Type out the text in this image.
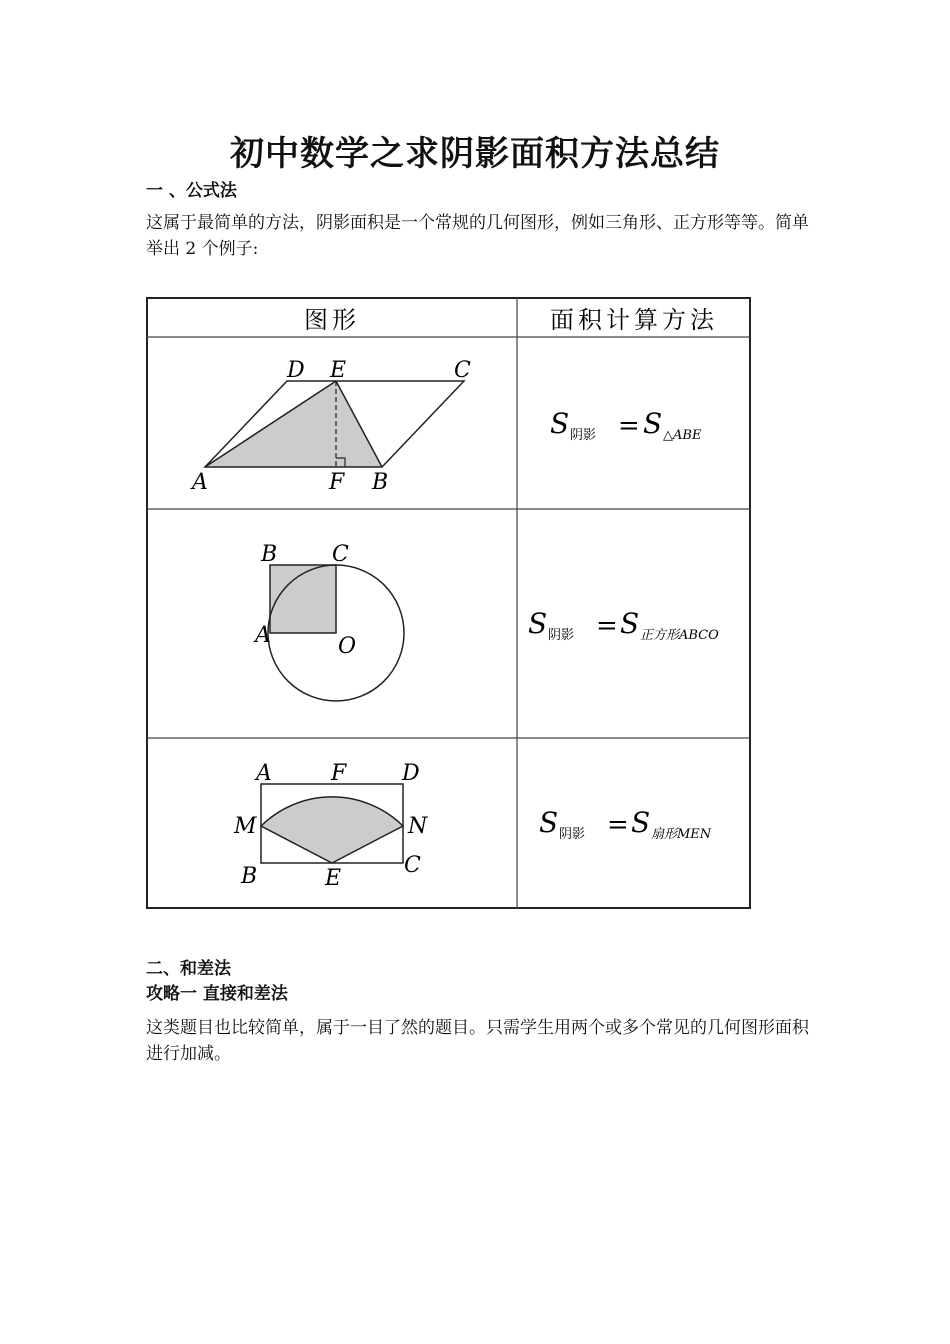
初中数学之求阴影面积方法总结
一 、公式法
这属于最简单的方法，阴影面积是一个常规的几何图形，例如三角形、正方形等等。简单举出 2 个例子:
图形	面积计算方法
D E	C
A	F B
S 阴影 = S △ABE
B C
A	O
S 阴影 = S 正方形ABCO
A	F	D
M	N
B	E
C
S 阴影 = S 扇形MEN
二、和差法
攻略一 直接和差法
这类题目也比较简单，属于一目了然的题目。只需学生用两个或多个常见的几何图形面积进行加减。
